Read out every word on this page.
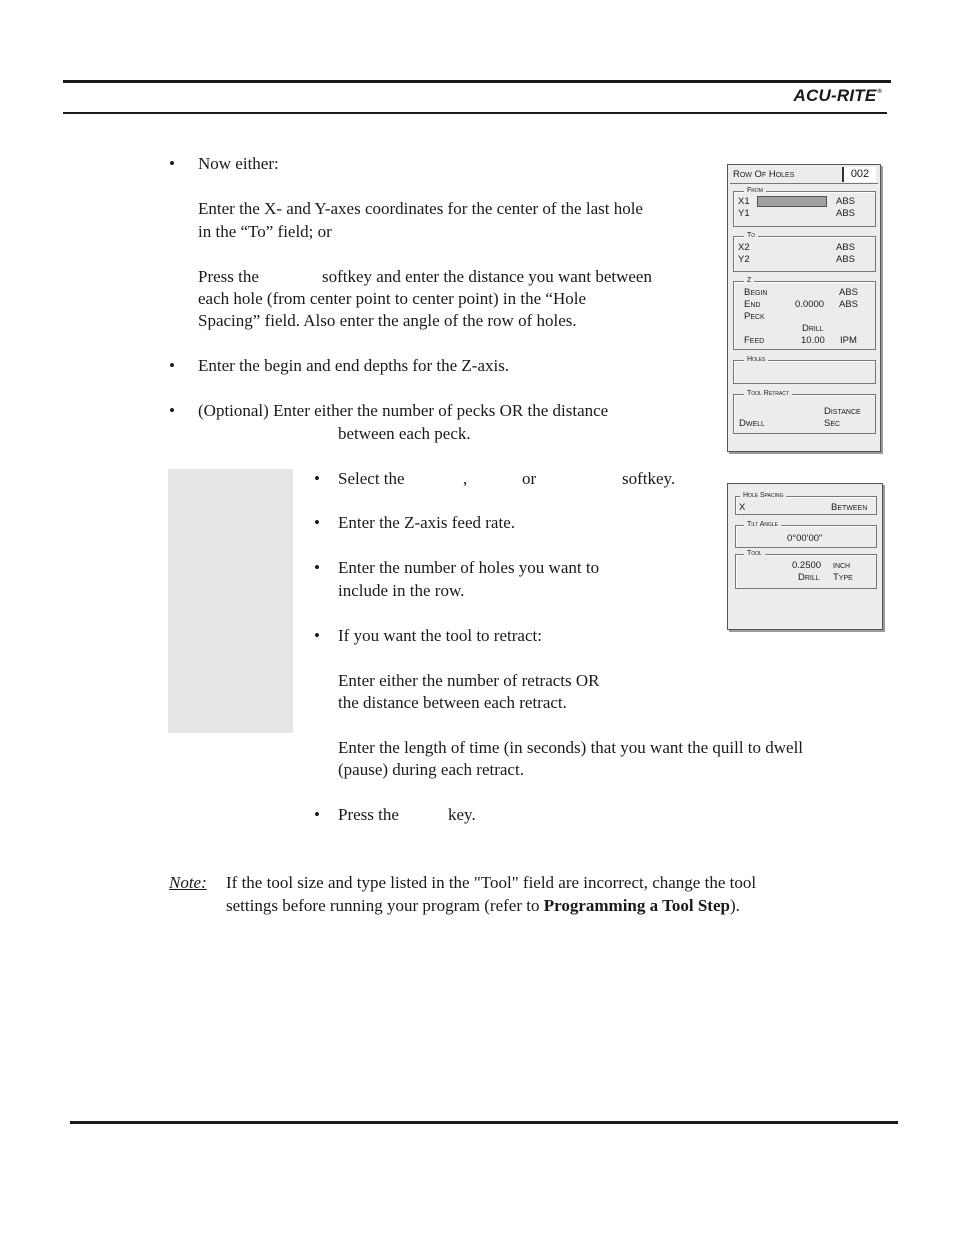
ACU-RITE®
• Now either:
Enter the X- and Y-axes coordinates for the center of the last hole
in the “To” field; or
Press the	softkey and enter the distance you want between
each hole (from center point to center point) in the “Hole
Spacing” field. Also enter the angle of the row of holes.
• Enter the begin and end depths for the Z-axis.
• (Optional) Enter either the number of pecks OR the distance
between each peck.
• Select the	,	or	softkey.
• Enter the Z-axis feed rate.
• Enter the number of holes you want to
include in the row.
• If you want the tool to retract:
Enter either the number of retracts OR
the distance between each retract.
Enter the length of time (in seconds) that you want the quill to dwell
(pause) during each retract.
• Press the	key.
Note: If the tool size and type listed in the "Tool" field are incorrect, change the tool
settings before running your program (refer to Programming a Tool Step).
Row Of Holes	002
From
X1	ABS
Y1	ABS
To
X2	ABS
Y2	ABS
Z
Begin	ABS
End	0.0000 ABS
Peck
Drill
Feed	10.00 IPM
Holes
Tool Retract
Distance
Dwell	Sec
Hole Spacing
X	Between
Tilt Angle
0°00'00"
Tool
0.2500 inch
Drill Type
